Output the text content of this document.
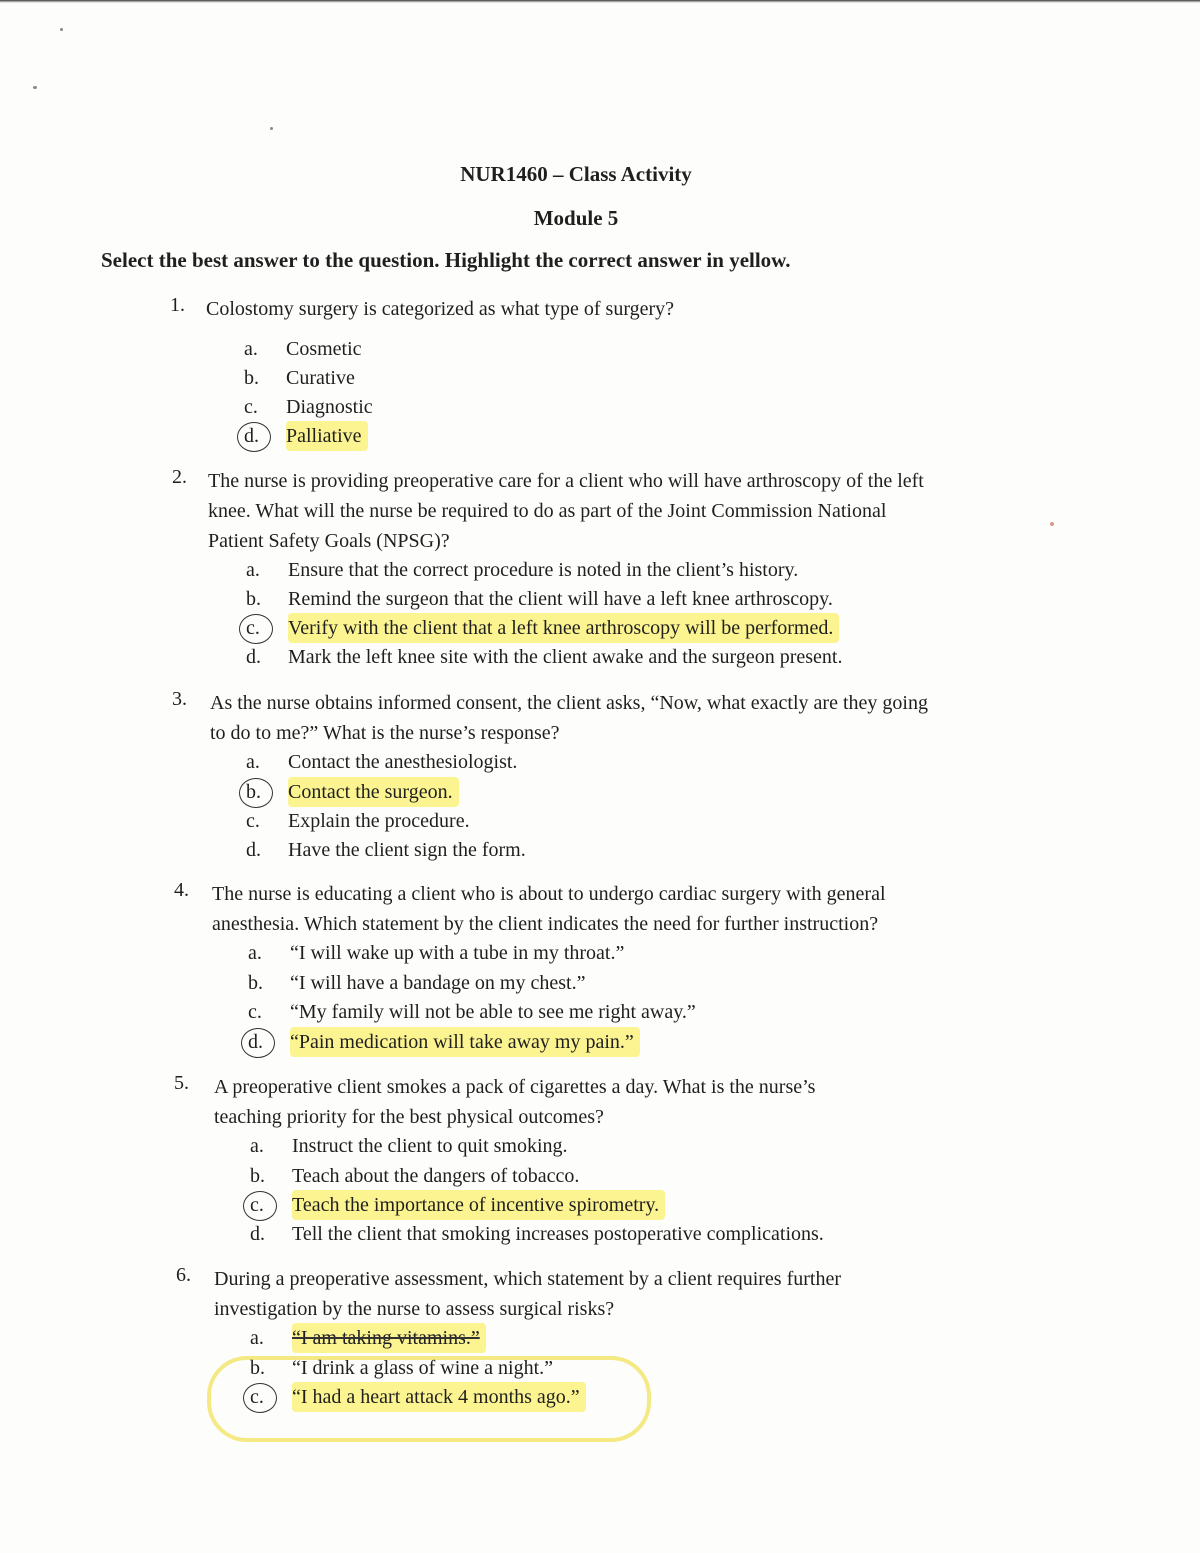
NUR1460 – Class Activity
Module 5
Select the best answer to the question. Highlight the correct answer in yellow.
1. Colostomy surgery is categorized as what type of surgery?

a.	Cosmetic
b.	Curative
c.	Diagnostic
d.	Palliative
2. The nurse is providing preoperative care for a client who will have arthroscopy of the left

knee. What will the nurse be required to do as part of the Joint Commission National

Patient Safety Goals (NPSG)?

a.	Ensure that the correct procedure is noted in the client’s history.
b.	Remind the surgeon that the client will have a left knee arthroscopy.
c.	Verify with the client that a left knee arthroscopy will be performed.
d.	Mark the left knee site with the client awake and the surgeon present.
3. As the nurse obtains informed consent, the client asks, “Now, what exactly are they going

to do to me?” What is the nurse’s response?

a.	Contact the anesthesiologist.
b.	Contact the surgeon.
c.	Explain the procedure.
d.	Have the client sign the form.
4. The nurse is educating a client who is about to undergo cardiac surgery with general

anesthesia. Which statement by the client indicates the need for further instruction?

a.	“I will wake up with a tube in my throat.”
b.	“I will have a bandage on my chest.”
c.	“My family will not be able to see me right away.”
d.	“Pain medication will take away my pain.”
5. A preoperative client smokes a pack of cigarettes a day. What is the nurse’s

teaching priority for the best physical outcomes?

a.	Instruct the client to quit smoking.
b.	Teach about the dangers of tobacco.
c.	Teach the importance of incentive spirometry.
d.	Tell the client that smoking increases postoperative complications.
6. During a preoperative assessment, which statement by a client requires further

investigation by the nurse to assess surgical risks?

a.	“I am taking vitamins.”
b.	“I drink a glass of wine a night.”
c.	“I had a heart attack 4 months ago.”
